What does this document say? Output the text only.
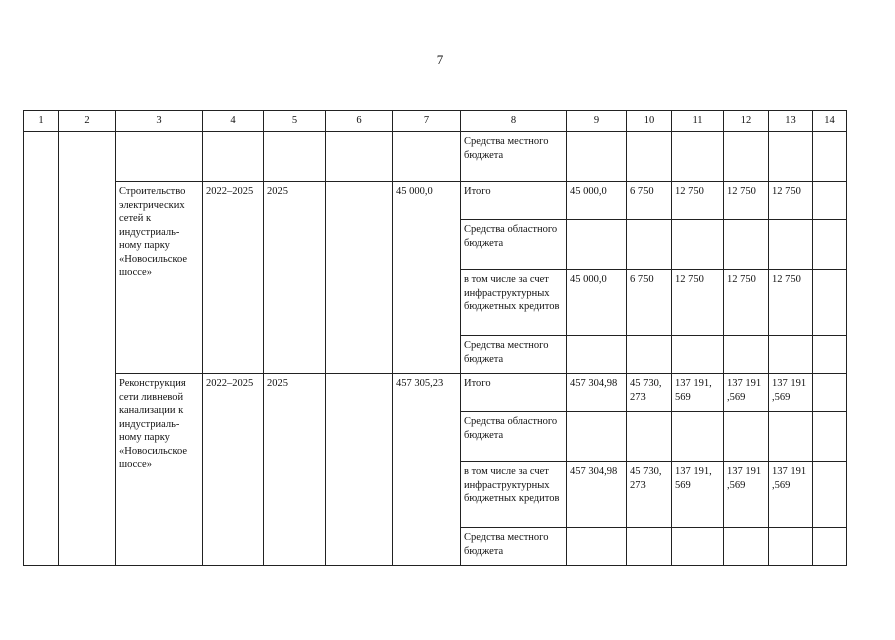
7
1	2	3	4	5	6	7	8	9	10	11	12	13	14
							Средства местного бюджета						
		Строительство электрических сетей к индустриаль-ному парку «Новосильское шоссе»	2022–2025	2025		45 000,0	Итого	45 000,0	6 750	12 750	12 750	12 750	
							Средства областного бюджета						
							в том числе за счет инфраструктурных бюджетных кредитов	45 000,0	6 750	12 750	12 750	12 750	
							Средства местного бюджета						
		Реконструкция сети ливневой канализации к индустриаль-ному парку «Новосильское шоссе»	2022–2025	2025		457 305,23	Итого	457 304,98	45 730, 273	137 191, 569	137 191 ,569	137 191 ,569	
							Средства областного бюджета						
							в том числе за счет инфраструктурных бюджетных кредитов	457 304,98	45 730, 273	137 191, 569	137 191 ,569	137 191 ,569	
							Средства местного бюджета						
